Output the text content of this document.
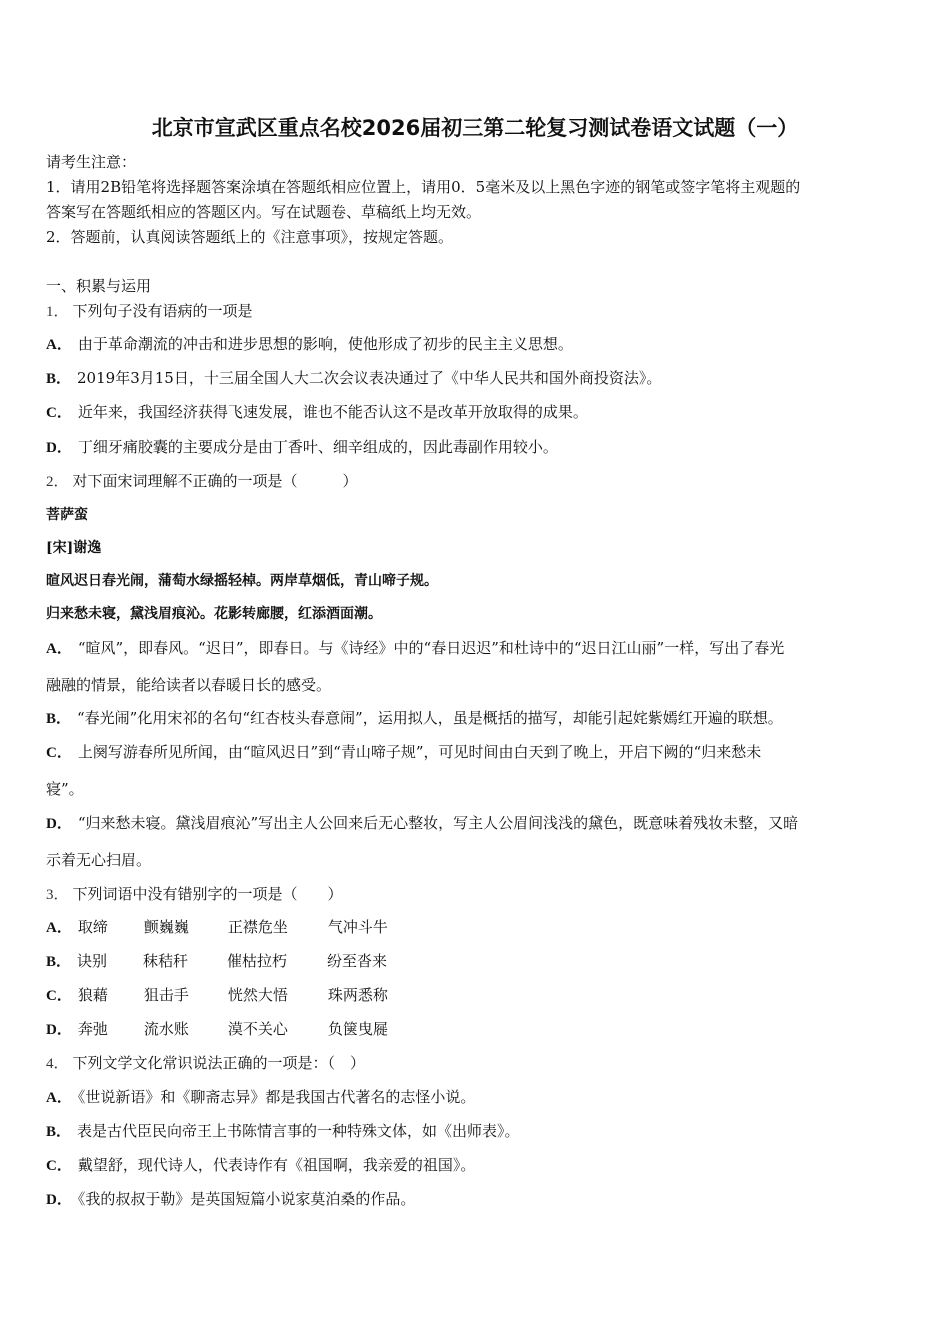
北京市宣武区重点名校2026届初三第二轮复习测试卷语文试题（一）
请考生注意：
1．请用2B铅笔将选择题答案涂填在答题纸相应位置上，请用0．5毫米及以上黑色字迹的钢笔或签字笔将主观题的
答案写在答题纸相应的答题区内。写在试题卷、草稿纸上均无效。
2．答题前，认真阅读答题纸上的《注意事项》，按规定答题。
一、积累与运用
1． 下列句子没有语病的一项是
A． 由于革命潮流的冲击和进步思想的影响，使他形成了初步的民主主义思想。
B． 2019年3月15日，十三届全国人大二次会议表决通过了《中华人民共和国外商投资法》。
C． 近年来，我国经济获得飞速发展，谁也不能否认这不是改革开放取得的成果。
D． 丁细牙痛胶囊的主要成分是由丁香叶、细辛组成的，因此毒副作用较小。
2． 对下面宋词理解不正确的一项是（　　　）
菩萨蛮
[宋]谢逸
暄风迟日春光闹，蒲萄水绿摇轻棹。两岸草烟低，青山啼子规。
归来愁未寝，黛浅眉痕沁。花影转廊腰，红添酒面潮。
A． “暄风”，即春风。“迟日”，即春日。与《诗经》中的“春日迟迟”和杜诗中的“迟日江山丽”一样，写出了春光
融融的情景，能给读者以春暖日长的感受。
B． “春光闹”化用宋祁的名句“红杏枝头春意闹”，运用拟人，虽是概括的描写，却能引起姹紫嫣红开遍的联想。
C． 上阕写游春所见所闻，由“暄风迟日”到“青山啼子规”，可见时间由白天到了晚上，开启下阙的“归来愁未
寝”。
D． “归来愁未寝。黛浅眉痕沁”写出主人公回来后无心整妆，写主人公眉间浅浅的黛色，既意味着残妆未整，又暗
示着无心扫眉。
3． 下列词语中没有错别字的一项是（　　）
A． 取缔 颤巍巍	正襟危坐	气冲斗牛
B． 诀别 秣秸秆	催枯拉朽	纷至沓来
C． 狼藉 狙击手	恍然大悟	珠两悉称
D． 奔弛 流水账	漠不关心	负箧曳屣
4． 下列文学文化常识说法正确的一项是：（　）
A． 《世说新语》和《聊斋志异》都是我国古代著名的志怪小说。
B． 表是古代臣民向帝王上书陈情言事的一种特殊文体，如《出师表》。
C． 戴望舒，现代诗人，代表诗作有《祖国啊，我亲爱的祖国》。
D． 《我的叔叔于勒》是英国短篇小说家莫泊桑的作品。
